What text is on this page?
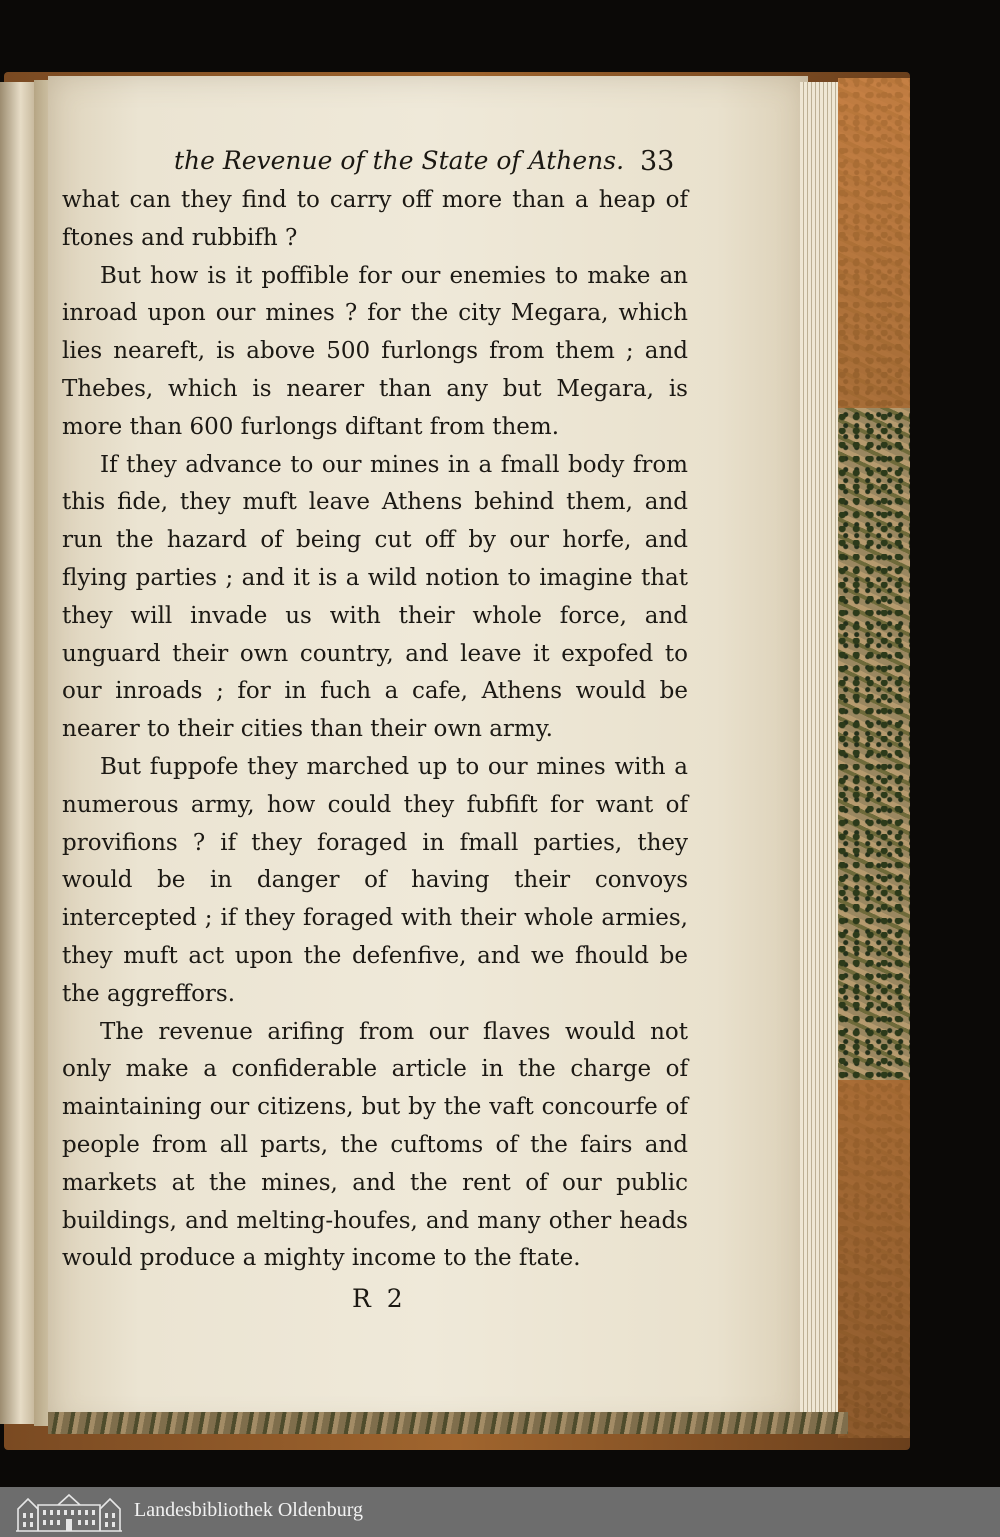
the Revenue of the State of Athens. 33

what can they find to carry off more than a heap of ftones and rubbifh ?

But how is it poffible for our enemies to make an inroad upon our mines ? for the city Megara, which lies neareft, is above 500 furlongs from them ; and Thebes, which is nearer than any but Megara, is more than 600 furlongs diftant from them.

If they advance to our mines in a fmall body from this fide, they muft leave Athens behind them, and run the hazard of being cut off by our horfe, and flying parties ; and it is a wild notion to imagine that they will invade us with their whole force, and unguard their own country, and leave it expofed to our inroads ; for in fuch a cafe, Athens would be nearer to their cities than their own army.

But fuppofe they marched up to our mines with a numerous army, how could they fubfift for want of provifions ? if they foraged in fmall parties, they would be in danger of having their convoys intercepted ; if they foraged with their whole armies, they muft act upon the defenfive, and we fhould be the aggreffors.

The revenue arifing from our flaves would not only make a confiderable article in the charge of maintaining our citizens, but by the vaft concourfe of people from all parts, the cuftoms of the fairs and markets at the mines, and the rent of our public buildings, and melting-houfes, and many other heads would produce a mighty income to the ftate.

R 2
Landesbibliothek Oldenburg
